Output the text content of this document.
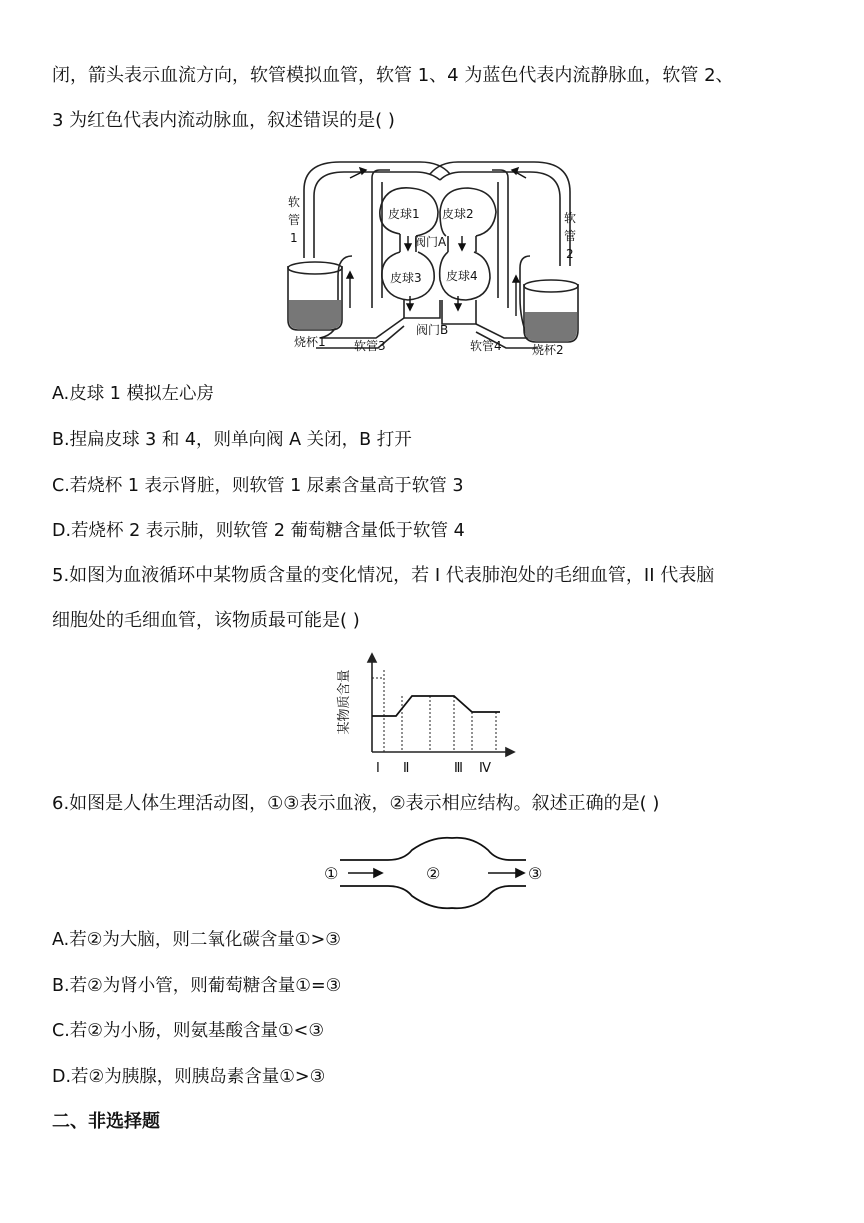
闭，箭头表示血流方向，软管模拟血管，软管 1、4 为蓝色代表内流静脉血，软管 2、
3 为红色代表内流动脉血，叙述错误的是( )
皮球1 皮球2
阀门A
皮球3 皮球4
阀门B
软
管
1
软
管
2
烧杯1 软管3	软管4	烧杯2
A.皮球 1 模拟左心房
B.捏扁皮球 3 和 4，则单向阀 A 关闭，B 打开
C.若烧杯 1 表示肾脏，则软管 1 尿素含量高于软管 3
D.若烧杯 2 表示肺，则软管 2 葡萄糖含量低于软管 4
5.如图为血液循环中某物质含量的变化情况，若 I 代表肺泡处的毛细血管，II 代表脑
细胞处的毛细血管，该物质最可能是( )
某物质含量
Ⅰ Ⅱ	Ⅲ Ⅳ
6.如图是人体生理活动图，①③表示血液，②表示相应结构。叙述正确的是( )
①	②	③
A.若②为大脑，则二氧化碳含量①>③
B.若②为肾小管，则葡萄糖含量①=③
C.若②为小肠，则氨基酸含量①<③
D.若②为胰腺，则胰岛素含量①>③
二、非选择题
